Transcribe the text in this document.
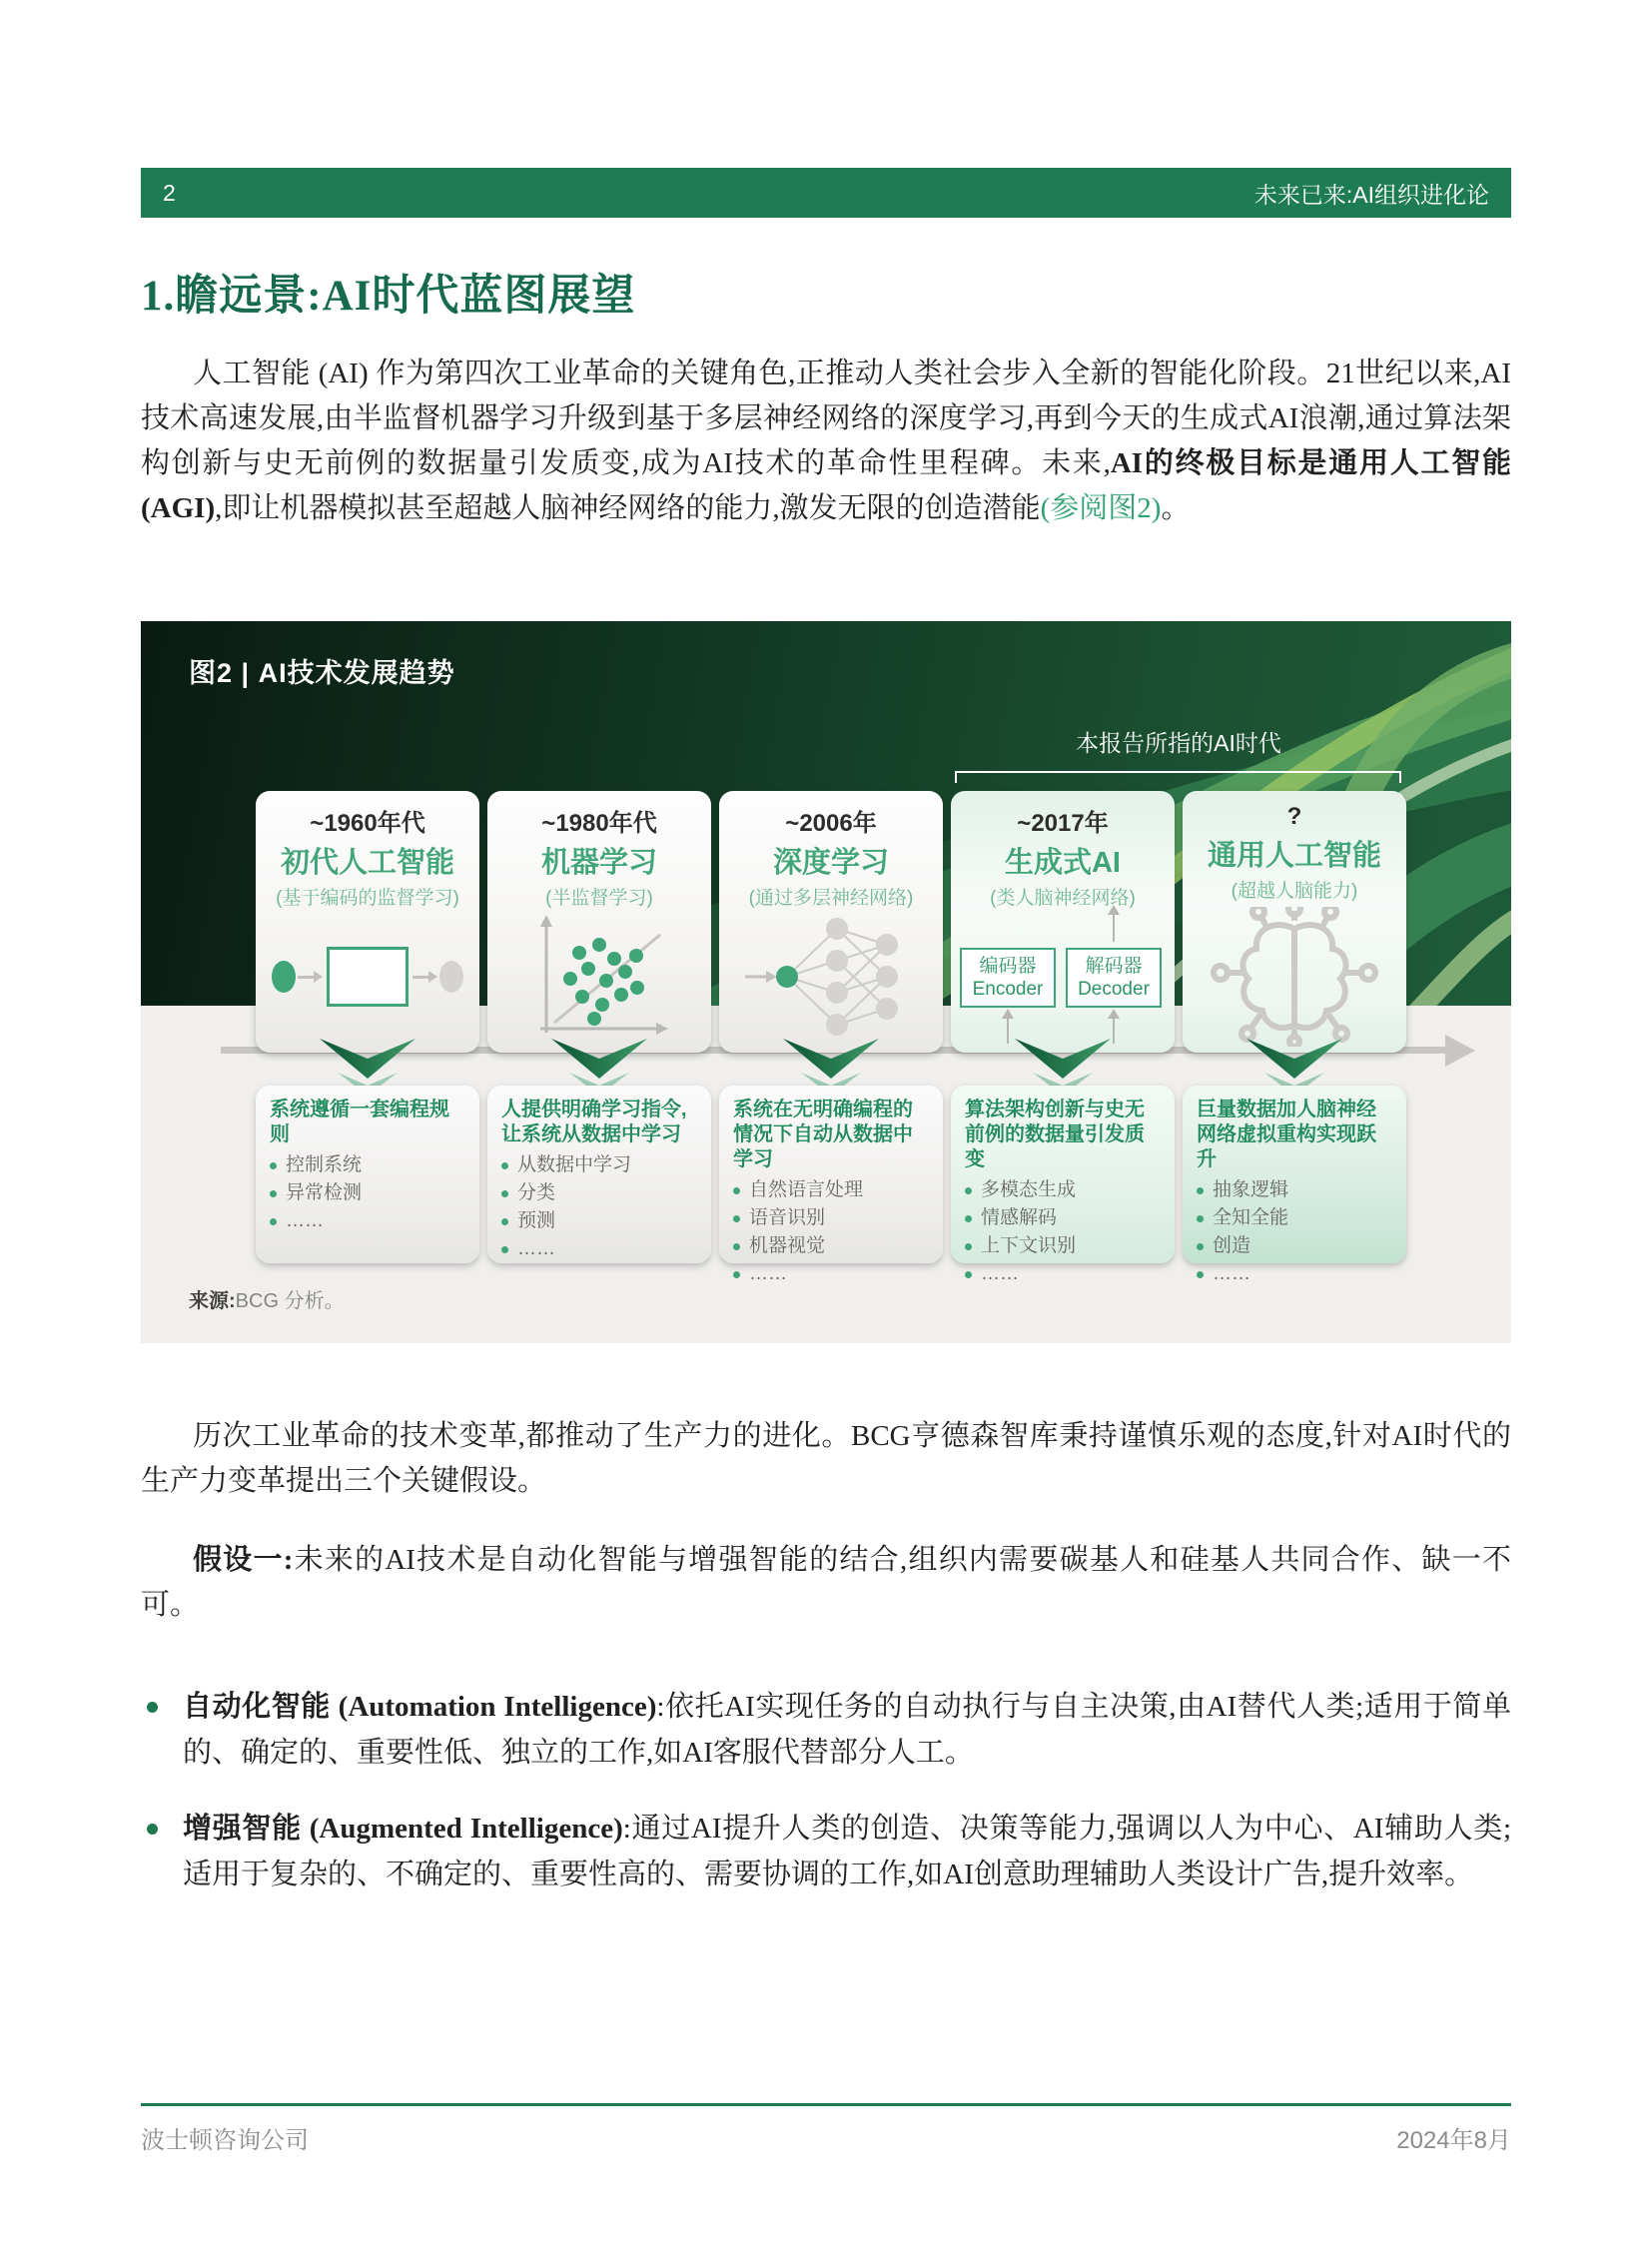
2	未来已来:AI组织进化论
1.瞻远景:AI时代蓝图展望

人工智能 (AI) 作为第四次工业革命的关键角色,正推动人类社会步入全新的智能化阶段。21世纪以来,AI技术高速发展,由半监督机器学习升级到基于多层神经网络的深度学习,再到今天的生成式AI浪潮,通过算法架构创新与史无前例的数据量引发质变,成为AI技术的革命性里程碑。未来,AI的终极目标是通用人工智能 (AGI),即让机器模拟甚至超越人脑神经网络的能力,激发无限的创造潜能(参阅图2)。

图2 | AI技术发展趋势
本报告所指的AI时代
~1960年代
初代人工智能
(基于编码的监督学习)
~1980年代
机器学习
(半监督学习)
~2006年
深度学习
(通过多层神经网络)
~2017年
生成式AI
(类人脑神经网络)
编码器
Encoder
解码器
Decoder
?
通用人工智能
(超越人脑能力)
系统遵循一套编程规则
控制系统
异常检测
……
人提供明确学习指令,让系统从数据中学习
从数据中学习
分类
预测
……
系统在无明确编程的情况下自动从数据中学习
自然语言处理
语音识别
机器视觉
……
算法架构创新与史无前例的数据量引发质变
多模态生成
情感解码
上下文识别
……
巨量数据加人脑神经网络虚拟重构实现跃升
抽象逻辑
全知全能
创造
……
来源:BCG 分析。

历次工业革命的技术变革,都推动了生产力的进化。BCG亨德森智库秉持谨慎乐观的态度,针对AI时代的生产力变革提出三个关键假设。

假设一:未来的AI技术是自动化智能与增强智能的结合,组织内需要碳基人和硅基人共同合作、缺一不可。

自动化智能 (Automation Intelligence):依托AI实现任务的自动执行与自主决策,由AI替代人类;适用于简单的、确定的、重要性低、独立的工作,如AI客服代替部分人工。
增强智能 (Augmented Intelligence):通过AI提升人类的创造、决策等能力,强调以人为中心、AI辅助人类;适用于复杂的、不确定的、重要性高的、需要协调的工作,如AI创意助理辅助人类设计广告,提升效率。
波士顿咨询公司	2024年8月
